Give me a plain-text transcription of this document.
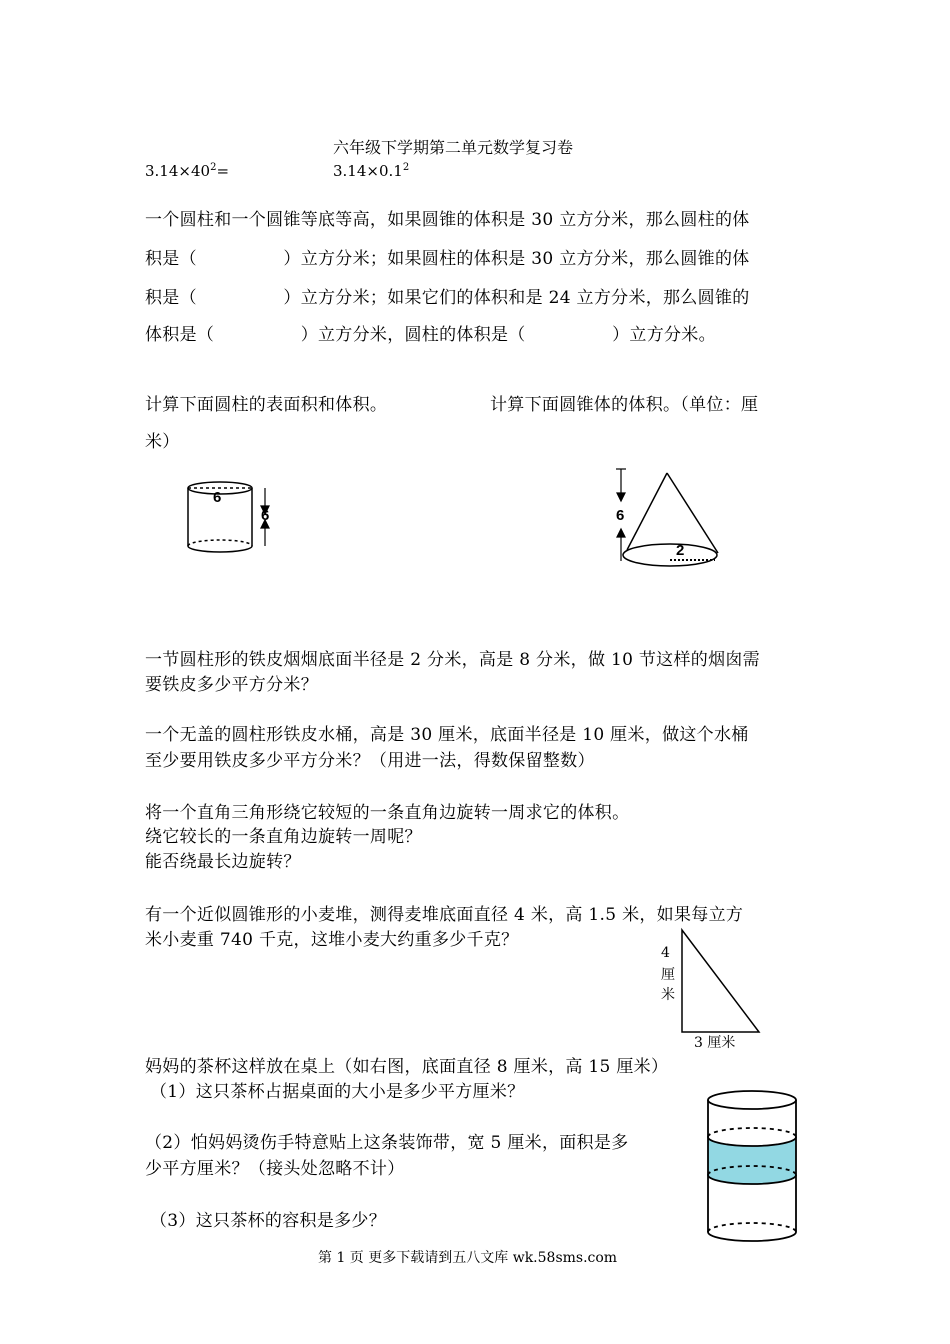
六年级下学期第二单元数学复习卷
$3.14\times 40^2=$	$3.14\times 0.1^2$
一个圆柱和一个圆锥等底等高，如果圆锥的体积是 30 立方分米，那么圆柱的体
积是（　　　　　）立方分米；如果圆柱的体积是 30 立方分米，那么圆锥的体
积是（　　　　　）立方分米；如果它们的体积和是 24 立方分米，那么圆锥的
体积是（　　　　　）立方分米，圆柱的体积是（　　　　　）立方分米。
计算下面圆柱的表面积和体积。	计算下面圆锥体的体积。（单位：厘
米）
6
6	6
2
一节圆柱形的铁皮烟烟底面半径是 2 分米，高是 8 分米，做 10 节这样的烟囱需
要铁皮多少平方分米？
一个无盖的圆柱形铁皮水桶，高是 30 厘米，底面半径是 10 厘米，做这个水桶
至少要用铁皮多少平方分米？（用进一法，得数保留整数）
将一个直角三角形绕它较短的一条直角边旋转一周求它的体积。
绕它较长的一条直角边旋转一周呢？
能否绕最长边旋转？
有一个近似圆锥形的小麦堆，测得麦堆底面直径 4 米，高 1.5 米，如果每立方
米小麦重 740 千克，这堆小麦大约重多少千克？
4
厘
米
3 厘米
妈妈的茶杯这样放在桌上（如右图，底面直径 8 厘米，高 15 厘米）
（1）这只茶杯占据桌面的大小是多少平方厘米？
（2）怕妈妈烫伤手特意贴上这条装饰带，宽 5 厘米，面积是多
少平方厘米？（接头处忽略不计）
（3）这只茶杯的容积是多少？
第 1 页 更多下载请到五八文库 wk.58sms.com
